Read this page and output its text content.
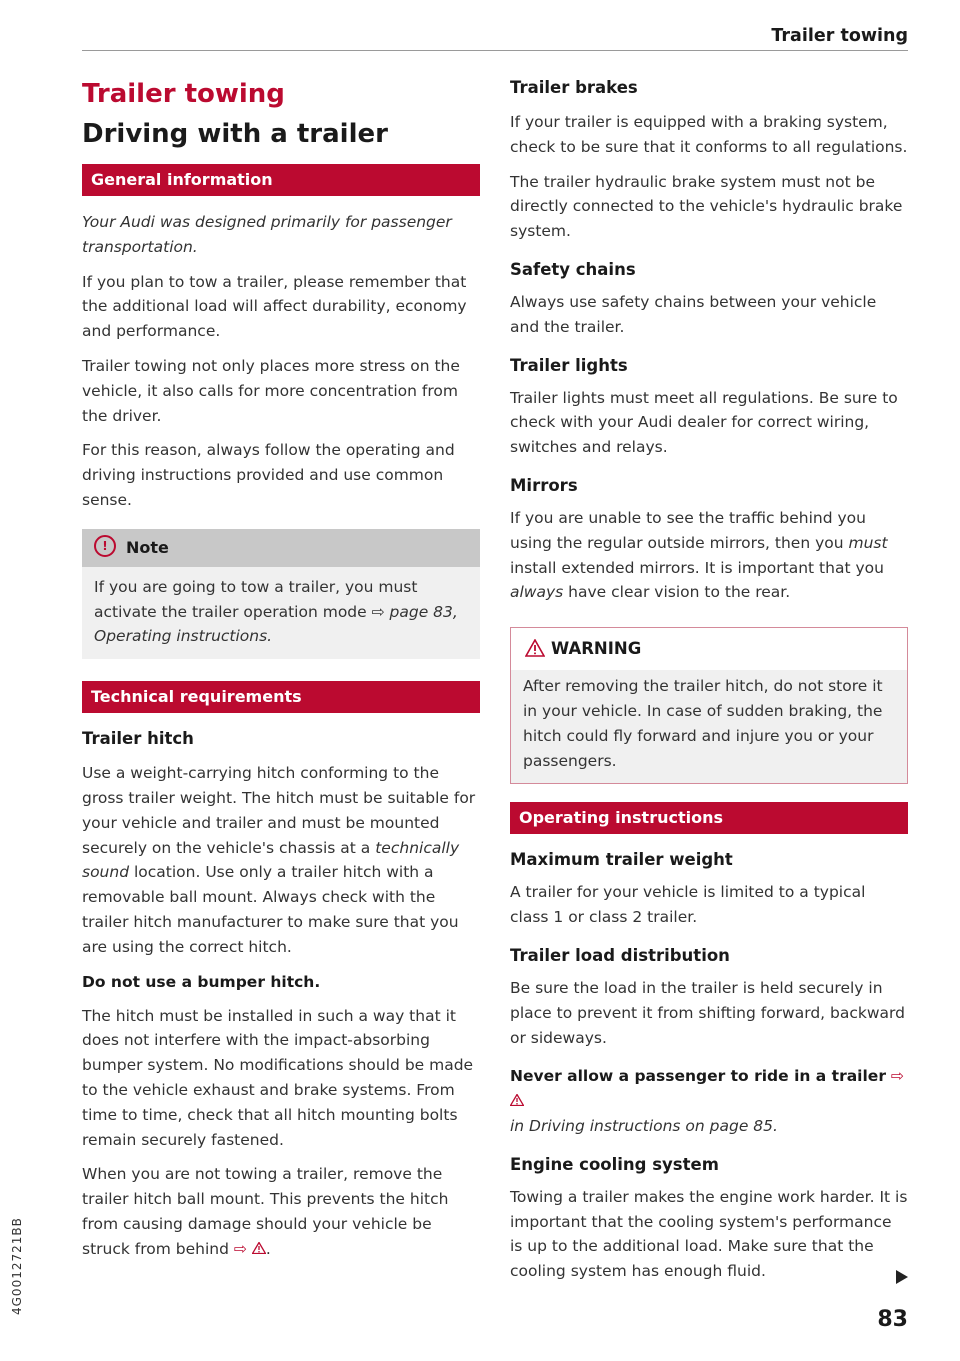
Trailer towing
Trailer towing
Driving with a trailer
General information

Your Audi was designed primarily for passenger transportation.

If you plan to tow a trailer, please remember that the additional load will affect durability, economy and performance.

Trailer towing not only places more stress on the vehicle, it also calls for more concentration from the driver.

For this reason, always follow the operating and driving instructions provided and use common sense.

! Note

If you are going to tow a trailer, you must activate the trailer operation mode ⇨ page 83, Operating instructions.

Technical requirements
Trailer hitch

Use a weight-carrying hitch conforming to the gross trailer weight. The hitch must be suitable for your vehicle and trailer and must be mounted securely on the vehicle's chassis at a technically sound location. Use only a trailer hitch with a removable ball mount. Always check with the trailer hitch manufacturer to make sure that you are using the correct hitch.

Do not use a bumper hitch.

The hitch must be installed in such a way that it does not interfere with the impact-absorbing bumper system. No modifications should be made to the vehicle exhaust and brake systems. From time to time, check that all hitch mounting bolts remain securely fastened.

When you are not towing a trailer, remove the trailer hitch ball mount. This prevents the hitch from causing damage should your vehicle be struck from behind ⇨ .

Trailer brakes

If your trailer is equipped with a braking system, check to be sure that it conforms to all regulations.

The trailer hydraulic brake system must not be directly connected to the vehicle's hydraulic brake system.

Safety chains

Always use safety chains between your vehicle and the trailer.

Trailer lights

Trailer lights must meet all regulations. Be sure to check with your Audi dealer for correct wiring, switches and relays.

Mirrors

If you are unable to see the traffic behind you using the regular outside mirrors, then you must install extended mirrors. It is important that you always have clear vision to the rear.

WARNING

After removing the trailer hitch, do not store it in your vehicle. In case of sudden braking, the hitch could fly forward and injure you or your passengers.

Operating instructions
Maximum trailer weight

A trailer for your vehicle is limited to a typical class 1 or class 2 trailer.

Trailer load distribution

Be sure the load in the trailer is held securely in place to prevent it from shifting forward, backward or sideways.

Never allow a passenger to ride in a trailer ⇨
in Driving instructions on page 85.

Engine cooling system

Towing a trailer makes the engine work harder. It is important that the cooling system's performance is up to the additional load. Make sure that the cooling system has enough fluid.

83
4G0012721BB
